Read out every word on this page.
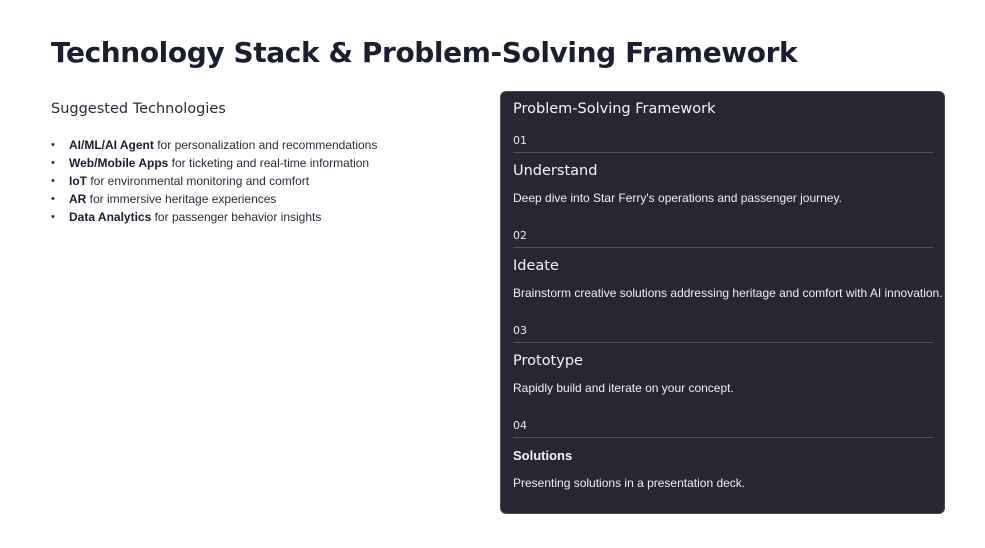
Technology Stack & Problem-Solving Framework
Suggested Technologies
• AI/ML/AI Agent for personalization and recommendations
• Web/Mobile Apps for ticketing and real-time information
• IoT for environmental monitoring and comfort
• AR for immersive heritage experiences
• Data Analytics for passenger behavior insights
Problem-Solving Framework
01
Understand
Deep dive into Star Ferry's operations and passenger journey.
02
Ideate
Brainstorm creative solutions addressing heritage and comfort with AI innovation.
03
Prototype
Rapidly build and iterate on your concept.
04
Solutions
Presenting solutions in a presentation deck.
